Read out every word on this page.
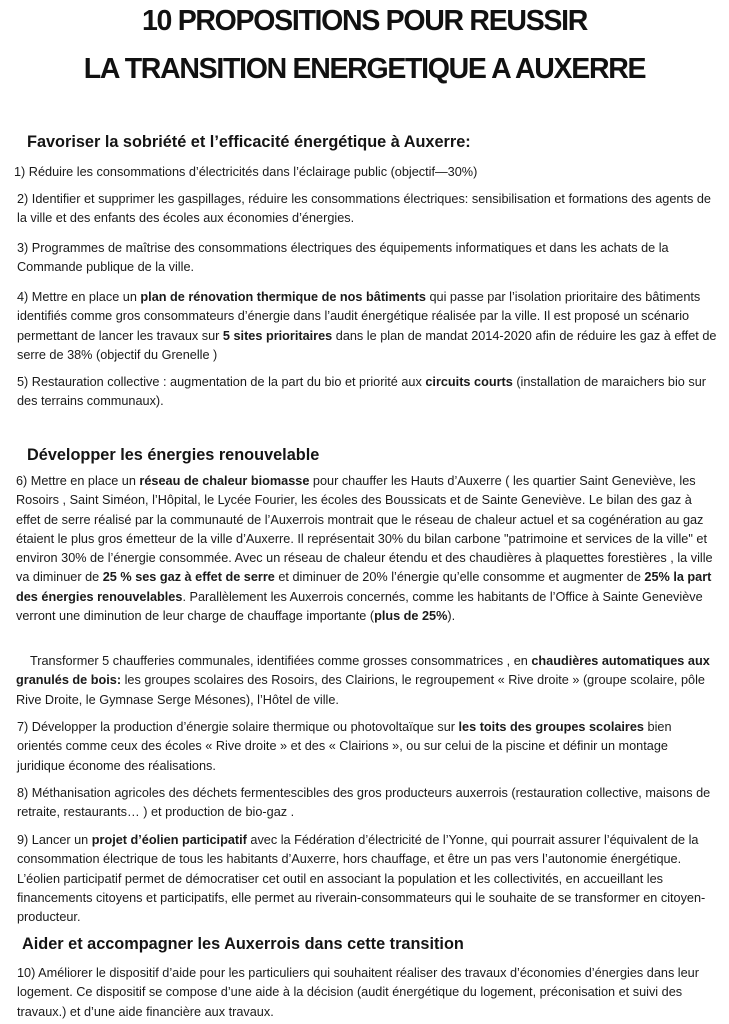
10 PROPOSITIONS POUR REUSSIR
LA TRANSITION ENERGETIQUE A AUXERRE
Favoriser la sobriété et l’efficacité énergétique à Auxerre:

1) Réduire les consommations d’électricités dans l’éclairage public (objectif—30%)

2) Identifier et supprimer les gaspillages, réduire les consommations électriques: sensibilisation et formations des agents de la ville et des enfants des écoles aux économies d’énergies.

3) Programmes de maîtrise des consommations électriques des équipements informatiques et dans les achats de la Commande publique de la ville.

4) Mettre en place un plan de rénovation thermique de nos bâtiments qui passe par l’isolation prioritaire des bâtiments identifiés comme gros consommateurs d’énergie dans l’audit énergétique réalisée par la ville. Il est proposé un scénario permettant de lancer les travaux sur 5 sites prioritaires dans le plan de mandat 2014-2020 afin de réduire les gaz à effet de serre de 38% (objectif du Grenelle )

5) Restauration collective : augmentation de la part du bio et priorité aux circuits courts (installation de maraichers bio sur des terrains communaux).

Développer les énergies renouvelable

6) Mettre en place un réseau de chaleur biomasse pour chauffer les Hauts d’Auxerre ( les quartier Saint Geneviève, les Rosoirs , Saint Siméon, l’Hôpital, le Lycée Fourier, les écoles des Boussicats et de Sainte Geneviève. Le bilan des gaz à effet de serre réalisé par la communauté de l’Auxerrois montrait que le réseau de chaleur actuel et sa cogénération au gaz étaient le plus gros émetteur de la ville d’Auxerre. Il représentait 30% du bilan carbone "patrimoine et services de la ville" et environ 30% de l’énergie consommée. Avec un réseau de chaleur étendu et des chaudières à plaquettes forestières , la ville va diminuer de 25 % ses gaz à effet de serre et diminuer de 20% l’énergie qu’elle consomme et augmenter de 25% la part des énergies renouvelables. Parallèlement les Auxerrois concernés, comme les habitants de l’Office à Sainte Geneviève verront une diminution de leur charge de chauffage importante (plus de 25%).

Transformer 5 chaufferies communales, identifiées comme grosses consommatrices , en chaudières automatiques aux granulés de bois: les groupes scolaires des Rosoirs, des Clairions, le regroupement « Rive droite » (groupe scolaire, pôle Rive Droite, le Gymnase Serge Mésones), l’Hôtel de ville.

7) Développer la production d’énergie solaire thermique ou photovoltaïque sur les toits des groupes scolaires bien orientés comme ceux des écoles « Rive droite » et des « Clairions », ou sur celui de la piscine et définir un montage juridique économe des réalisations.

8) Méthanisation agricoles des déchets fermentescibles des gros producteurs auxerrois (restauration collective, maisons de retraite, restaurants… ) et production de bio-gaz .

9) Lancer un projet d’éolien participatif avec la Fédération d’électricité de l’Yonne, qui pourrait assurer l’équivalent de la consommation électrique de tous les habitants d’Auxerre, hors chauffage, et être un pas vers l’autonomie énergétique. L’éolien participatif permet de démocratiser cet outil en associant la population et les collectivités, en accueillant les financements citoyens et participatifs, elle permet au riverain-consommateurs qui le souhaite de se transformer en citoyen-producteur.

Aider et accompagner les Auxerrois dans cette transition

10) Améliorer le dispositif d’aide pour les particuliers qui souhaitent réaliser des travaux d’économies d’énergies dans leur logement. Ce dispositif se compose d’une aide à la décision (audit énergétique du logement, préconisation et suivi des travaux.) et d’une aide financière aux travaux.
